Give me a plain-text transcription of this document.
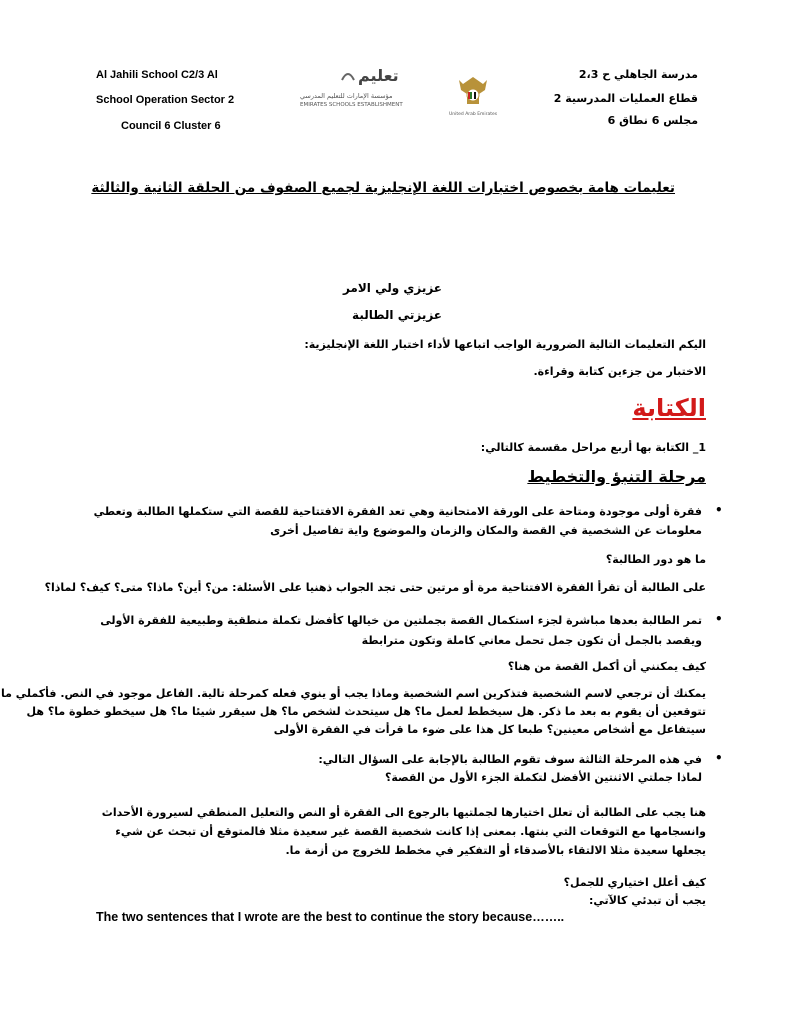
Al Jahili School C2/3 Al
School Operation Sector 2
Council 6 Cluster 6
تعليم
مؤسسة الإمارات للتعليم المدرسي
EMIRATES SCHOOLS ESTABLISHMENT
United Arab Emirates
مدرسة الجاهلي ح 2،3
قطاع العمليات المدرسية 2
مجلس 6 نطاق 6
تعليمات هامة بخصوص اختبارات اللغة الإنجليزية لجميع الصفوف من الحلقة الثانية والثالثة
عزيزي ولي الامر
عزيزتي الطالبة
اليكم التعليمات التالية الضرورية الواجب اتباعها لأداء اختبار اللغة الإنجليزية:
الاختبار من جزءين كتابة وقراءة.
الكتابة
1_ الكتابة بها أربع مراحل مقسمة كالتالي:
مرحلة التنبؤ والتخطيط
•
فقرة أولى موجودة ومتاحة على الورقة الامتحانية وهي تعد الفقرة الافتتاحية للقصة التي ستكملها الطالبة وتعطي
معلومات عن الشخصية في القصة والمكان والزمان والموضوع واية تفاصيل أخرى
ما هو دور الطالبة؟
على الطالبة أن تقرأ الفقرة الافتتاحية مرة أو مرتين حتى تجد الجواب ذهنيا على الأسئلة: من؟ أين؟ ماذا؟ متى؟ كيف؟ لماذا؟
•
تمر الطالبة بعدها مباشرة لجزء استكمال القصة بجملتين من خيالها كأفضل تكملة منطقية وطبيعية للفقرة الأولى
ويقصد بالجمل أن تكون جمل تحمل معاني كاملة وتكون مترابطة
كيف يمكنني أن أكمل القصة من هنا؟
يمكنك أن ترجعي لاسم الشخصية فتذكرين اسم الشخصية وماذا يجب أو ينوي فعله كمرحلة تالية. الفاعل موجود في النص. فأكملي ما
تتوقعين أن يقوم به بعد ما ذكر. هل سيخطط لعمل ما؟ هل سيتحدث لشخص ما؟ هل سيقرر شيئا ما؟ هل سيخطو خطوة ما؟ هل
سيتفاعل مع أشخاص معينين؟ طبعا كل هذا على ضوء ما قرأت في الفقرة الأولى
•
في هذه المرحلة الثالثة سوف تقوم الطالبة بالإجابة على السؤال التالي:
لماذا جملتي الاثنتين الأفضل لتكملة الجزء الأول من القصة؟
هنا يجب على الطالبة أن تعلل اختيارها لجملتيها بالرجوع الى الفقرة أو النص والتعليل المنطقي لسيرورة الأحداث
وانسجامها مع التوقعات التي بنتها. بمعنى إذا كانت شخصية القصة غير سعيدة مثلا فالمتوقع أن تبحث عن شيء
يجعلها سعيدة مثلا الالتقاء بالأصدقاء أو التفكير في مخطط للخروج من أزمة ما.
كيف أعلل اختياري للجمل؟
يجب أن تبدئي كالآتي:
The two sentences that I wrote are the best to continue the story because……..
